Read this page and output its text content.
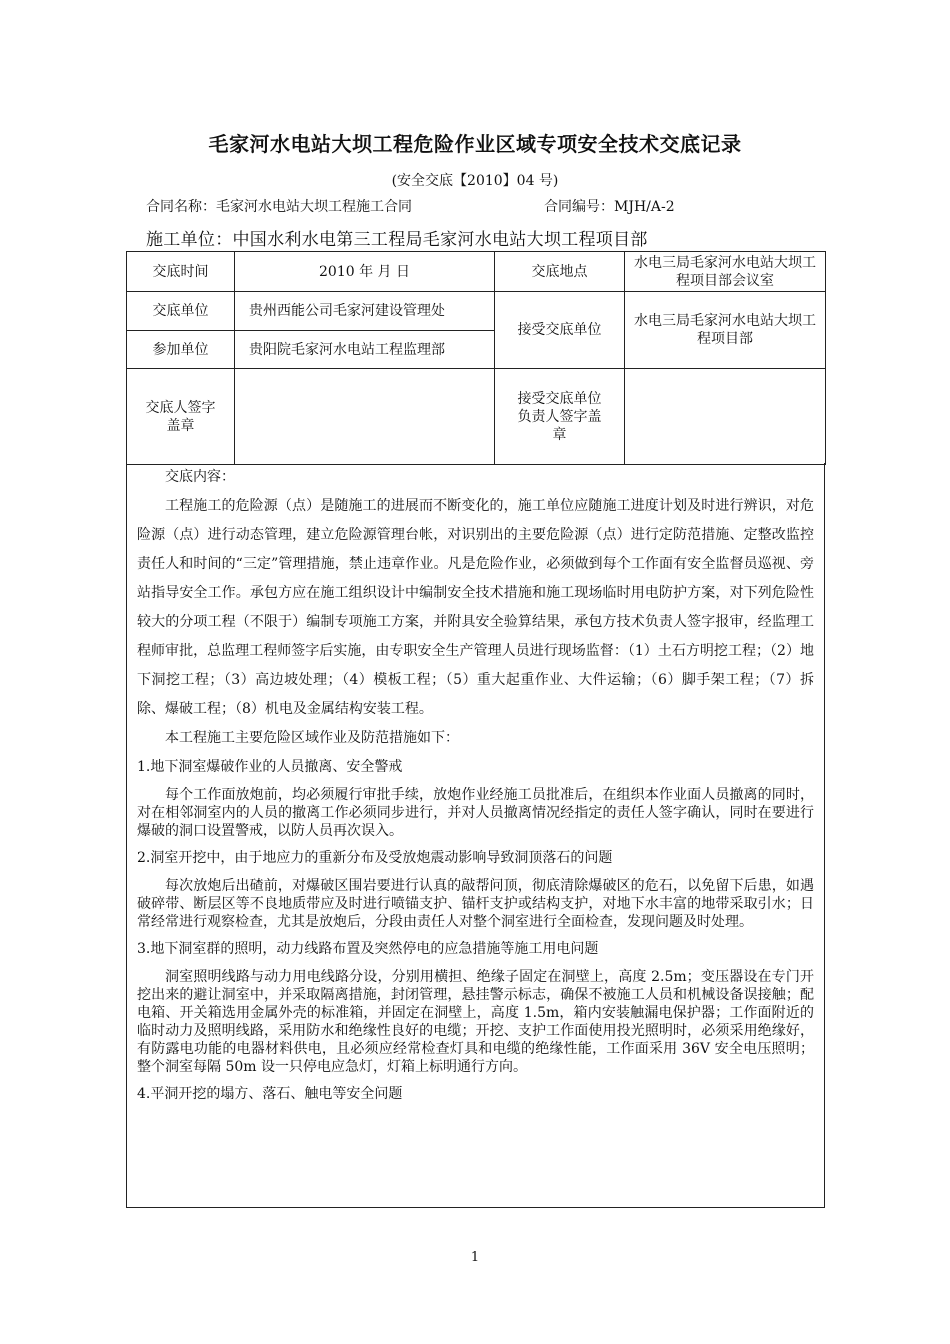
毛家河水电站大坝工程危险作业区域专项安全技术交底记录
(安全交底【2010】04 号)
合同名称：毛家河水电站大坝工程施工合同	合同编号：MJH/A-2
施工单位：中国水利水电第三工程局毛家河水电站大坝工程项目部
交底时间	2010 年 月 日	交底地点	水电三局毛家河水电站大坝工程项目部会议室
交底单位	贵州西能公司毛家河建设管理处	接受交底单位	水电三局毛家河水电站大坝工程项目部
参加单位	贵阳院毛家河水电站工程监理部		
交底人签字盖章		接受交底单位负责人签字盖章	

交底内容：

工程施工的危险源（点）是随施工的进展而不断变化的，施工单位应随施工进度计划及时进行辨识，对危险源（点）进行动态管理，建立危险源管理台帐，对识别出的主要危险源（点）进行定防范措施、定整改监控责任人和时间的“三定”管理措施，禁止违章作业。凡是危险作业，必须做到每个工作面有安全监督员巡视、旁站指导安全工作。承包方应在施工组织设计中编制安全技术措施和施工现场临时用电防护方案，对下列危险性较大的分项工程（不限于）编制专项施工方案，并附具安全验算结果，承包方技术负责人签字报审，经监理工程师审批，总监理工程师签字后实施，由专职安全生产管理人员进行现场监督：（1）土石方明挖工程；（2）地下洞挖工程；（3）高边坡处理；（4）模板工程；（5）重大起重作业、大件运输；（6）脚手架工程；（7）拆除、爆破工程；（8）机电及金属结构安装工程。

本工程施工主要危险区域作业及防范措施如下：

1.地下洞室爆破作业的人员撤离、安全警戒

每个工作面放炮前，均必须履行审批手续，放炮作业经施工员批准后，在组织本作业面人员撤离的同时，对在相邻洞室内的人员的撤离工作必须同步进行，并对人员撤离情况经指定的责任人签字确认，同时在要进行爆破的洞口设置警戒，以防人员再次误入。

2.洞室开挖中，由于地应力的重新分布及受放炮震动影响导致洞顶落石的问题

每次放炮后出碴前，对爆破区围岩要进行认真的敲帮问顶，彻底清除爆破区的危石，以免留下后患，如遇破碎带、断层区等不良地质带应及时进行喷锚支护、锚杆支护或结构支护，对地下水丰富的地带采取引水；日常经常进行观察检查，尤其是放炮后，分段由责任人对整个洞室进行全面检查，发现问题及时处理。

3.地下洞室群的照明，动力线路布置及突然停电的应急措施等施工用电问题

洞室照明线路与动力用电线路分设，分别用横担、绝缘子固定在洞壁上，高度 2.5m；变压器设在专门开挖出来的避让洞室中，并采取隔离措施，封闭管理，悬挂警示标志，确保不被施工人员和机械设备误接触；配电箱、开关箱选用金属外壳的标准箱，并固定在洞壁上，高度 1.5m，箱内安装触漏电保护器；工作面附近的临时动力及照明线路，采用防水和绝缘性良好的电缆；开挖、支护工作面使用投光照明时，必须采用绝缘好，有防露电功能的电器材料供电，且必须应经常检查灯具和电缆的绝缘性能，工作面采用 36V 安全电压照明；整个洞室每隔 50m 设一只停电应急灯，灯箱上标明通行方向。

4.平洞开挖的塌方、落石、触电等安全问题

1
